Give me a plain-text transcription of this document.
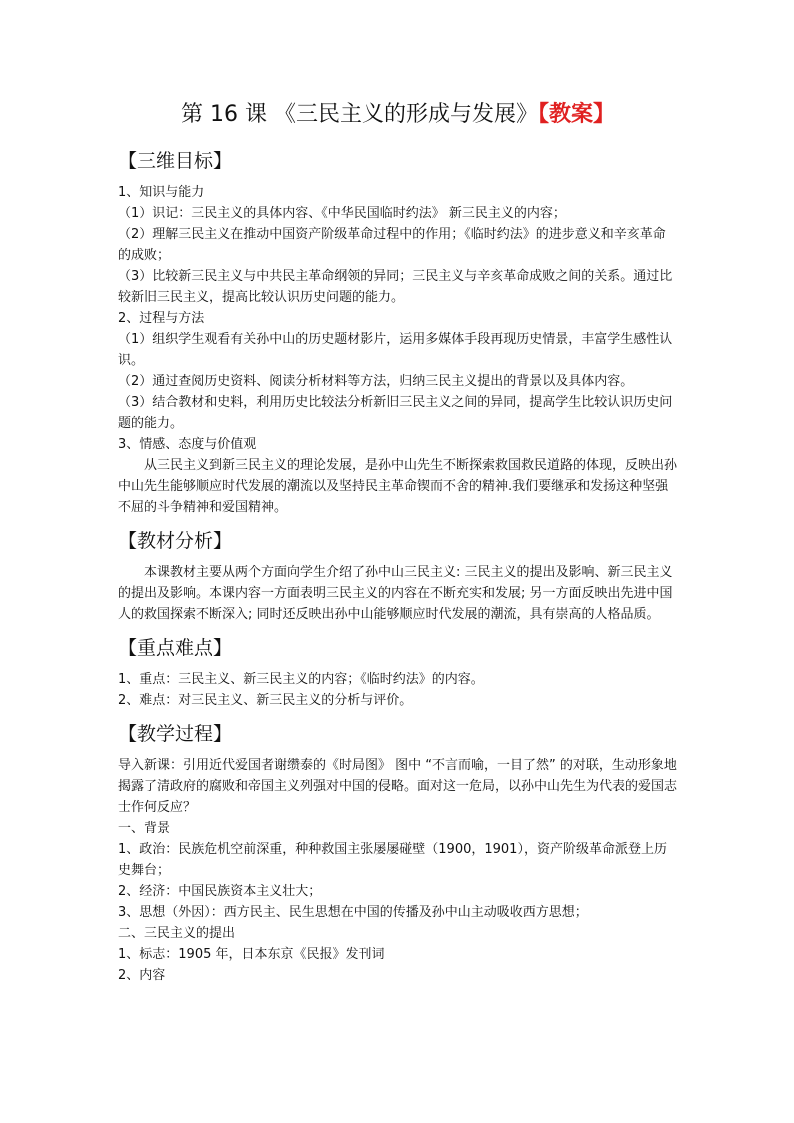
第 16 课 《三民主义的形成与发展》【教案】
【三维目标】

1、知识与能力

（1）识记：三民主义的具体内容、《中华民国临时约法》 新三民主义的内容；

（2）理解三民主义在推动中国资产阶级革命过程中的作用；《临时约法》的进步意义和辛亥革命的成败；

（3）比较新三民主义与中共民主革命纲领的异同；三民主义与辛亥革命成败之间的关系。通过比较新旧三民主义，提高比较认识历史问题的能力。

2、过程与方法

（1）组织学生观看有关孙中山的历史题材影片，运用多媒体手段再现历史情景，丰富学生感性认识。

（2）通过查阅历史资料、阅读分析材料等方法，归纳三民主义提出的背景以及具体内容。

（3）结合教材和史料，利用历史比较法分析新旧三民主义之间的异同，提高学生比较认识历史问题的能力。

3、情感、态度与价值观

从三民主义到新三民主义的理论发展，是孙中山先生不断探索救国救民道路的体现，反映出孙中山先生能够顺应时代发展的潮流以及坚持民主革命锲而不舍的精神.我们要继承和发扬这种坚强不屈的斗争精神和爱国精神。

【教材分析】

本课教材主要从两个方面向学生介绍了孙中山三民主义: 三民主义的提出及影响、新三民主义的提出及影响。本课内容一方面表明三民主义的内容在不断充实和发展; 另一方面反映出先进中国人的救国探索不断深入; 同时还反映出孙中山能够顺应时代发展的潮流，具有崇高的人格品质。

【重点难点】

1、重点：三民主义、新三民主义的内容；《临时约法》的内容。

2、难点：对三民主义、新三民主义的分析与评价。

【教学过程】

导入新课：引用近代爱国者谢缵泰的《时局图》 图中 “不言而喻，一目了然” 的对联，生动形象地揭露了清政府的腐败和帝国主义列强对中国的侵略。面对这一危局，以孙中山先生为代表的爱国志士作何反应？

一、背景

1、政治：民族危机空前深重，种种救国主张屡屡碰壁（1900，1901），资产阶级革命派登上历史舞台；

2、经济：中国民族资本主义壮大；

3、思想（外因）：西方民主、民生思想在中国的传播及孙中山主动吸收西方思想；

二、三民主义的提出

1、标志：1905 年，日本东京《民报》发刊词

2、内容
